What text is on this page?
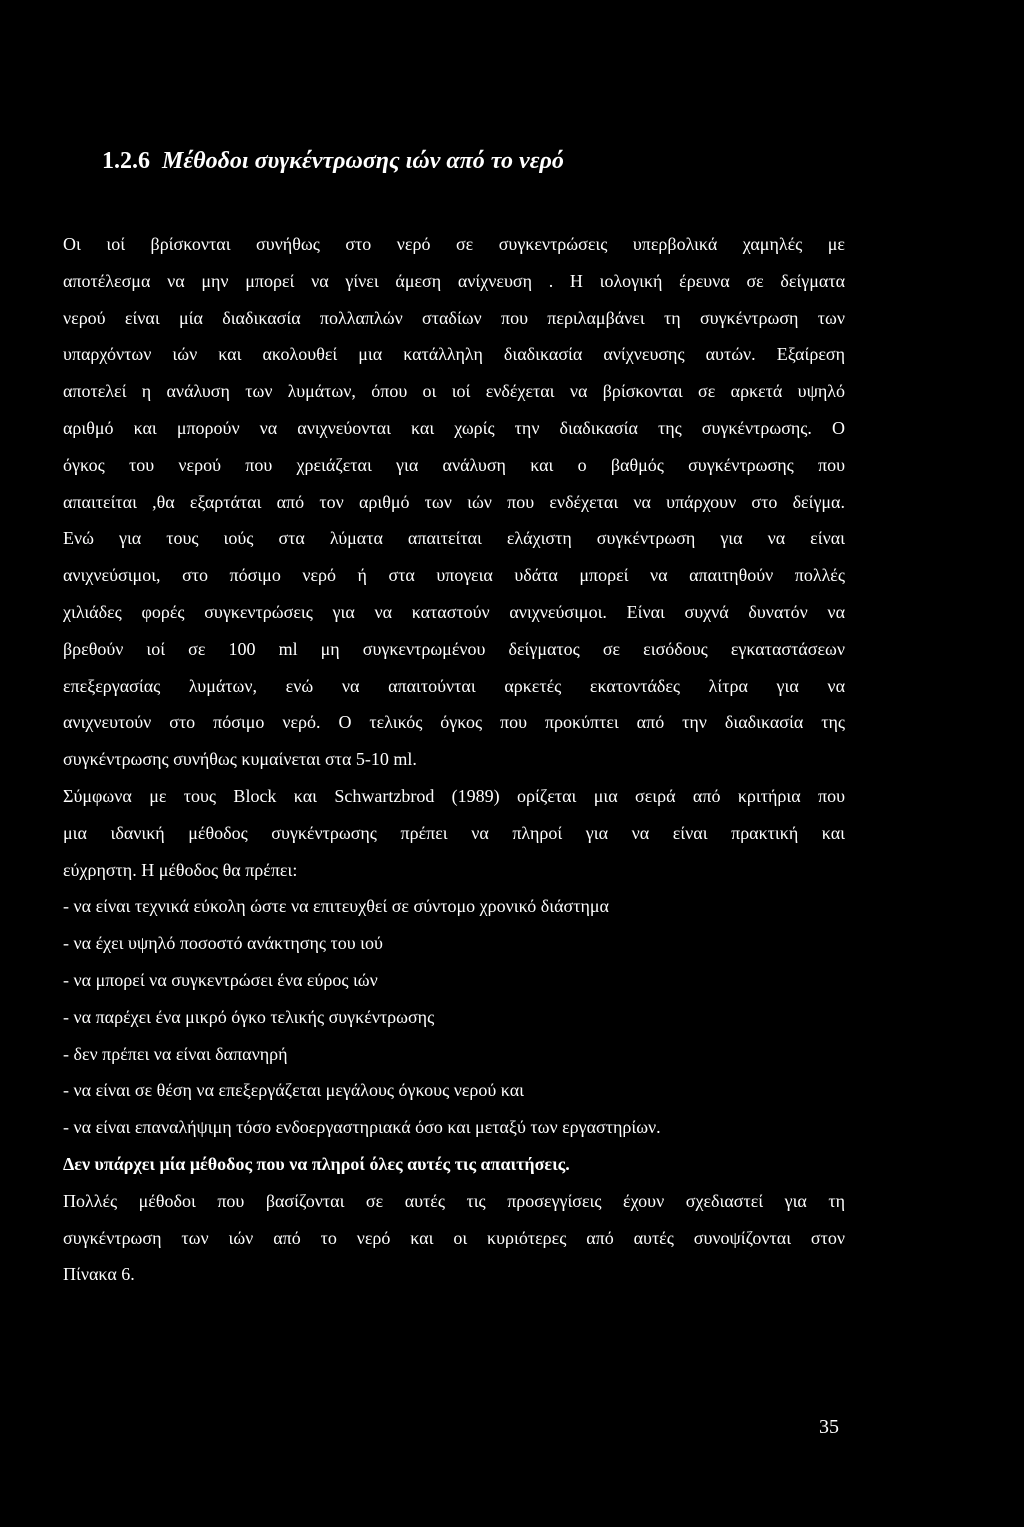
1.2.6 Μέθοδοι συγκέντρωσης ιών από το νερό
Οι ιοί βρίσκονται συνήθως στο νερό σε συγκεντρώσεις υπερβολικά χαμηλές με
αποτέλεσμα να μην μπορεί να γίνει άμεση ανίχνευση . Η ιολογική έρευνα σε δείγματα
νερού είναι μία διαδικασία πολλαπλών σταδίων που περιλαμβάνει τη συγκέντρωση των
υπαρχόντων ιών και ακολουθεί μια κατάλληλη διαδικασία ανίχνευσης αυτών. Εξαίρεση
αποτελεί η ανάλυση των λυμάτων, όπου οι ιοί ενδέχεται να βρίσκονται σε αρκετά υψηλό
αριθμό και μπορούν να ανιχνεύονται και χωρίς την διαδικασία της συγκέντρωσης. Ο
όγκος του νερού που χρειάζεται για ανάλυση και ο βαθμός συγκέντρωσης που
απαιτείται ,θα εξαρτάται από τον αριθμό των ιών που ενδέχεται να υπάρχουν στο δείγμα.
Ενώ για τους ιούς στα λύματα απαιτείται ελάχιστη συγκέντρωση για να είναι
ανιχνεύσιμοι, στο πόσιμο νερό ή στα υπογεια υδάτα μπορεί να απαιτηθούν πολλές
χιλιάδες φορές συγκεντρώσεις για να καταστούν ανιχνεύσιμοι. Είναι συχνά δυνατόν να
βρεθούν ιοί σε 100 ml μη συγκεντρωμένου δείγματος σε εισόδους εγκαταστάσεων
επεξεργασίας λυμάτων, ενώ να απαιτούνται αρκετές εκατοντάδες λίτρα για να
ανιχνευτούν στο πόσιμο νερό. Ο τελικός όγκος που προκύπτει από την διαδικασία της
συγκέντρωσης συνήθως κυμαίνεται στα 5-10 ml.
Σύμφωνα με τους Block και Schwartzbrod (1989) ορίζεται μια σειρά από κριτήρια που
μια ιδανική μέθοδος συγκέντρωσης πρέπει να πληροί για να είναι πρακτική και
εύχρηστη. Η μέθοδος θα πρέπει:
- να είναι τεχνικά εύκολη ώστε να επιτευχθεί σε σύντομο χρονικό διάστημα
- να έχει υψηλό ποσοστό ανάκτησης του ιού
- να μπορεί να συγκεντρώσει ένα εύρος ιών
- να παρέχει ένα μικρό όγκο τελικής συγκέντρωσης
- δεν πρέπει να είναι δαπανηρή
- να είναι σε θέση να επεξεργάζεται μεγάλους όγκους νερού και
- να είναι επαναλήψιμη τόσο ενδοεργαστηριακά όσο και μεταξύ των εργαστηρίων.
Δεν υπάρχει μία μέθοδος που να πληροί όλες αυτές τις απαιτήσεις.
Πολλές μέθοδοι που βασίζονται σε αυτές τις προσεγγίσεις έχουν σχεδιαστεί για τη
συγκέντρωση των ιών από το νερό και οι κυριότερες από αυτές συνοψίζονται στον
Πίνακα 6.
35
